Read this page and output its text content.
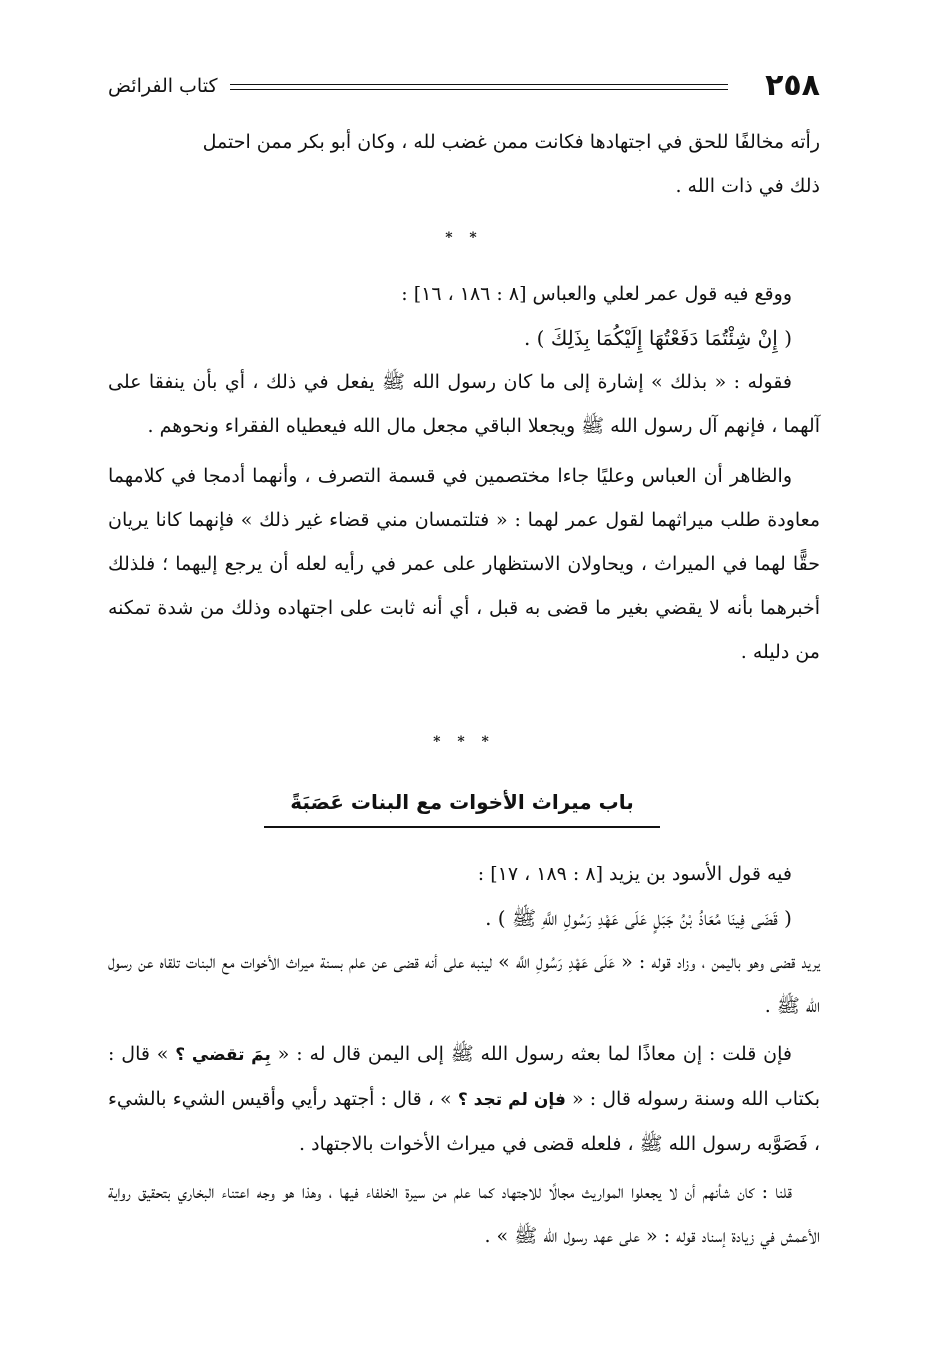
٢٥٨
كتاب الفرائض

رأته مخالفًا للحق في اجتهادها فكانت ممن غضب لله ، وكان أبو بكر ممن احتمل

ذلك في ذات الله .

* *

ووقع فيه قول عمر لعلي والعباس [٨ : ١٨٦ ، ١٦] :

( إِنْ شِئْتُمَا دَفَعْتُهَا إِلَيْكُمَا بِذَلِكَ ) .

فقوله : « بذلك » إشارة إلى ما كان رسول الله ﷺ يفعل في ذلك ، أي بأن ينفقا على آلهما ، فإنهم آل رسول الله ﷺ ويجعلا الباقي مجعل مال الله فيعطياه الفقراء ونحوهم .

والظاهر أن العباس وعليًا جاءا مختصمين في قسمة التصرف ، وأنهما أدمجا في كلامهما معاودة طلب ميراثهما لقول عمر لهما : « فتلتمسان مني قضاء غير ذلك » فإنهما كانا يريان حقًّا لهما في الميراث ، ويحاولان الاستظهار على عمر في رأيه لعله أن يرجع إليهما ؛ فلذلك أخبرهما بأنه لا يقضي بغير ما قضى به قبل ، أي أنه ثابت على اجتهاده وذلك من شدة تمكنه من دليله .

* * *
باب ميراث الأخوات مع البنات عَصَبَةً

فيه قول الأسود بن يزيد [٨ : ١٨٩ ، ١٧] :

( قَضَى فِينَا مُعَاذُ بْنُ جَبَلٍ عَلَى عَهْدِ رَسُولِ اللَّهِ ﷺ ) .

يريد قضى وهو باليمن ، وزاد قوله : « عَلَى عَهْدِ رَسُولِ اللَّه » لينبه على أنه قضى عن علم بسنة ميراث الأخوات مع البنات تلقاه عن رسول الله ﷺ .

فإن قلت : إن معاذًا لما بعثه رسول الله ﷺ إلى اليمن قال له : « بِمَ تقضي ؟ » قال : بكتاب الله وسنة رسوله قال : « فإن لم تجد ؟ » ، قال : أجتهد رأيي وأقيس الشيء بالشيء ، فَصَوَّبه رسول الله ﷺ ، فلعله قضى في ميراث الأخوات بالاجتهاد .

قلنا : كان شأنهم أن لا يجعلوا المواريث مجالًا للاجتهاد كما علم من سيرة الخلفاء فيها ، وهذا هو وجه اعتناء البخاري بتحقيق رواية الأعمش في زيادة إسناد قوله : « على عهد رسول الله ﷺ » .
